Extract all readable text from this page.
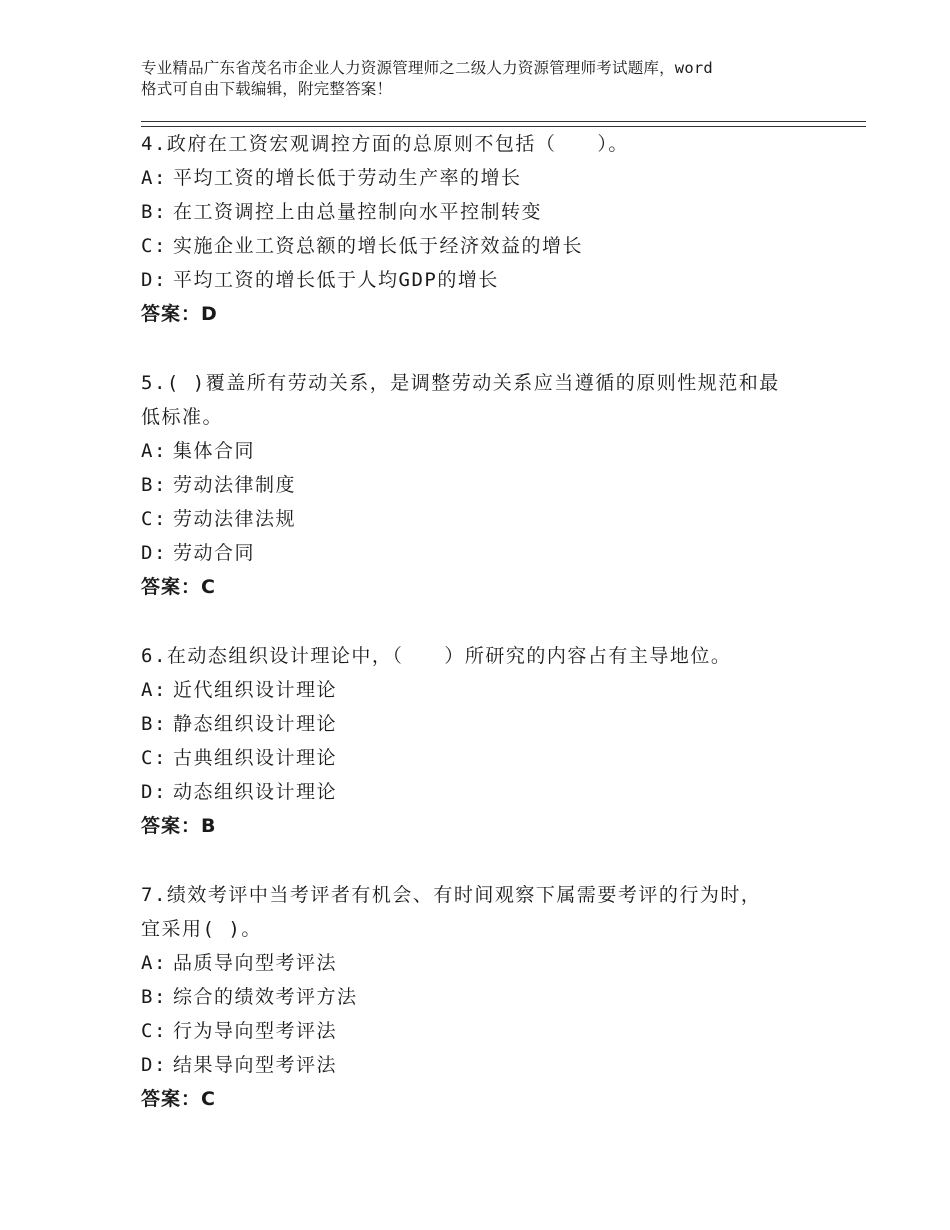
专业精品广东省茂名市企业人力资源管理师之二级人力资源管理师考试题库，word
格式可自由下载编辑，附完整答案！
4.政府在工资宏观调控方面的总原则不包括（　　）。
A: 平均工资的增长低于劳动生产率的增长
B: 在工资调控上由总量控制向水平控制转变
C: 实施企业工资总额的增长低于经济效益的增长
D: 平均工资的增长低于人均GDP的增长
答案：D
5.( )覆盖所有劳动关系，是调整劳动关系应当遵循的原则性规范和最
低标准。
A: 集体合同
B: 劳动法律制度
C: 劳动法律法规
D: 劳动合同
答案：C
6.在动态组织设计理论中，（　　）所研究的内容占有主导地位。
A: 近代组织设计理论
B: 静态组织设计理论
C: 古典组织设计理论
D: 动态组织设计理论
答案：B
7.绩效考评中当考评者有机会、有时间观察下属需要考评的行为时，
宜采用( )。
A: 品质导向型考评法
B: 综合的绩效考评方法
C: 行为导向型考评法
D: 结果导向型考评法
答案：C
